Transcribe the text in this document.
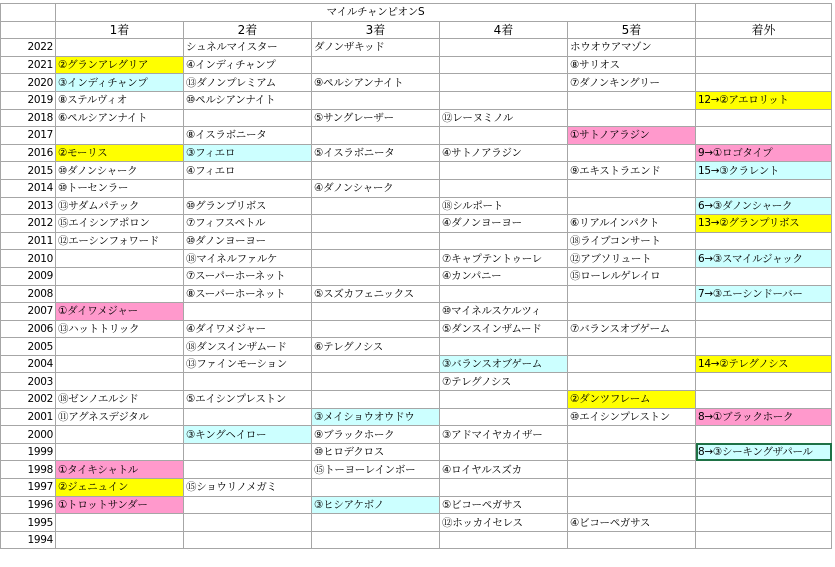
	マイルチャンピオンS					
	1着	2着	3着	4着	5着	着外
2022		シュネルマイスター	ダノンザキッド		ホウオウアマゾン	
2021	②グランアレグリア	④インディチャンプ			⑧サリオス	
2020	③インディチャンプ	⑬ダノンプレミアム	⑨ペルシアンナイト		⑦ダノンキングリー	
2019	⑧ステルヴィオ	⑩ペルシアンナイト				12→②アエロリット
2018	⑥ペルシアンナイト		⑤サングレーザー	⑫レーヌミノル		
2017		⑧イスラボニータ			①サトノアラジン	
2016	②モーリス	③フィエロ	⑤イスラボニータ	④サトノアラジン		9→①ロゴタイプ
2015	⑩ダノンシャーク	④フィエロ			⑨エキストラエンド	15→③クラレント
2014	⑩トーセンラー		④ダノンシャーク			
2013	⑬サダムパテック	⑩グランプリボス		⑱シルポート		6→③ダノンシャーク
2012	⑮エイシンアポロン	⑦フィフスペトル		④ダノンヨーヨー	⑥リアルインパクト	13→②グランプリボス
2011	⑫エーシンフォワード	⑩ダノンヨーヨー			⑱ライブコンサート	
2010		⑱マイネルファルケ		⑦キャプテントゥーレ	⑫アブソリュート	6→③スマイルジャック
2009		⑦スーパーホーネット		④カンパニー	⑮ローレルゲレイロ	
2008		⑧スーパーホーネット	⑤スズカフェニックス			7→③エーシンドーバー
2007	①ダイワメジャー			⑩マイネルスケルツィ		
2006	⑬ハットトリック	④ダイワメジャー		⑤ダンスインザムード	⑦バランスオブゲーム	
2005		⑱ダンスインザムード	⑥テレグノシス			
2004		⑬ファインモーション		③バランスオブゲーム		14→②テレグノシス
2003				⑦テレグノシス		
2002	⑱ゼンノエルシド	⑤エイシンプレストン			②ダンツフレーム	
2001	⑪アグネスデジタル		③メイショウオウドウ		⑩エイシンプレストン	8→①ブラックホーク
2000		③キングヘイロー	⑨ブラックホーク	③アドマイヤカイザー		
1999			⑩ヒロデクロス			8→③シーキングザパール
1998	①タイキシャトル		⑮トーヨーレインボー	④ロイヤルスズカ		
1997	②ジェニュイン	⑮ショウリノメガミ				
1996	①トロットサンダー		③ヒシアケボノ	⑤ビコーペガサス		
1995				⑫ホッカイセレス	④ビコーペガサス	
1994						
